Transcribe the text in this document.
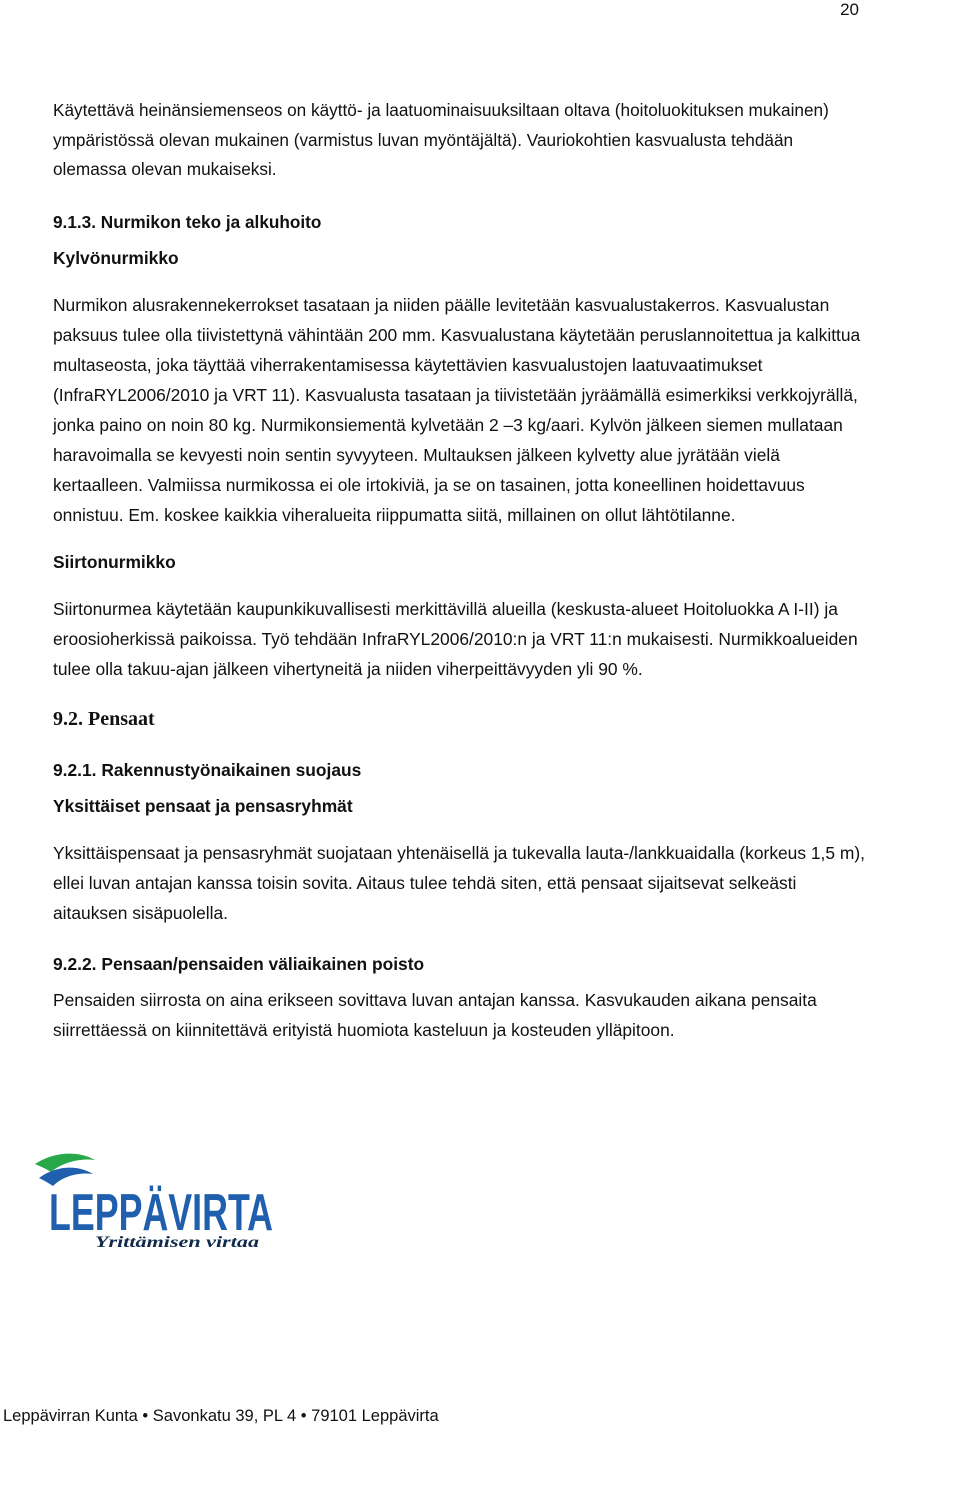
20

Käytettävä heinänsiemenseos on käyttö- ja laatuominaisuuksiltaan oltava (hoitoluokituksen mukainen) ympäristössä olevan mukainen (varmistus luvan myöntäjältä). Vauriokohtien kasvualusta tehdään olemassa olevan mukaiseksi.

9.1.3. Nurmikon teko ja alkuhoito
Kylvönurmikko

Nurmikon alusrakennekerrokset tasataan ja niiden päälle levitetään kasvualustakerros. Kasvualustan paksuus tulee olla tiivistettynä vähintään 200 mm. Kasvualustana käytetään peruslannoitettua ja kalkittua multaseosta, joka täyttää viherrakentamisessa käytettävien kasvualustojen laatuvaatimukset (InfraRYL2006/2010 ja VRT 11). Kasvualusta tasataan ja tiivistetään jyräämällä esimerkiksi verkkojyrällä, jonka paino on noin 80 kg. Nurmikonsiementä kylvetään 2 –3 kg/aari. Kylvön jälkeen siemen mullataan haravoimalla se kevyesti noin sentin syvyyteen. Multauksen jälkeen kylvetty alue jyrätään vielä kertaalleen. Valmiissa nurmikossa ei ole irtokiviä, ja se on tasainen, jotta koneellinen hoidettavuus onnistuu. Em. koskee kaikkia viheralueita riippumatta siitä, millainen on ollut lähtötilanne.

Siirtonurmikko

Siirtonurmea käytetään kaupunkikuvallisesti merkittävillä alueilla (keskusta-alueet Hoitoluokka A I-II) ja eroosioherkissä paikoissa. Työ tehdään InfraRYL2006/2010:n ja VRT 11:n mukaisesti. Nurmikkoalueiden tulee olla takuu-ajan jälkeen vihertyneitä ja niiden viherpeittävyyden yli 90 %.

9.2. Pensaat
9.2.1. Rakennustyönaikainen suojaus
Yksittäiset pensaat ja pensasryhmät

Yksittäispensaat ja pensasryhmät suojataan yhtenäisellä ja tukevalla lauta-/lankkuaidalla (korkeus 1,5 m), ellei luvan antajan kanssa toisin sovita. Aitaus tulee tehdä siten, että pensaat sijaitsevat selkeästi aitauksen sisäpuolella.

9.2.2. Pensaan/pensaiden väliaikainen poisto

Pensaiden siirrosta on aina erikseen sovittava luvan antajan kanssa. Kasvukauden aikana pensaita siirrettäessä on kiinnitettävä erityistä huomiota kasteluun ja kosteuden ylläpitoon.

LEPPÄVIRTA
Yrittämisen virtaa
Leppävirran Kunta • Savonkatu 39, PL 4 • 79101 Leppävirta
